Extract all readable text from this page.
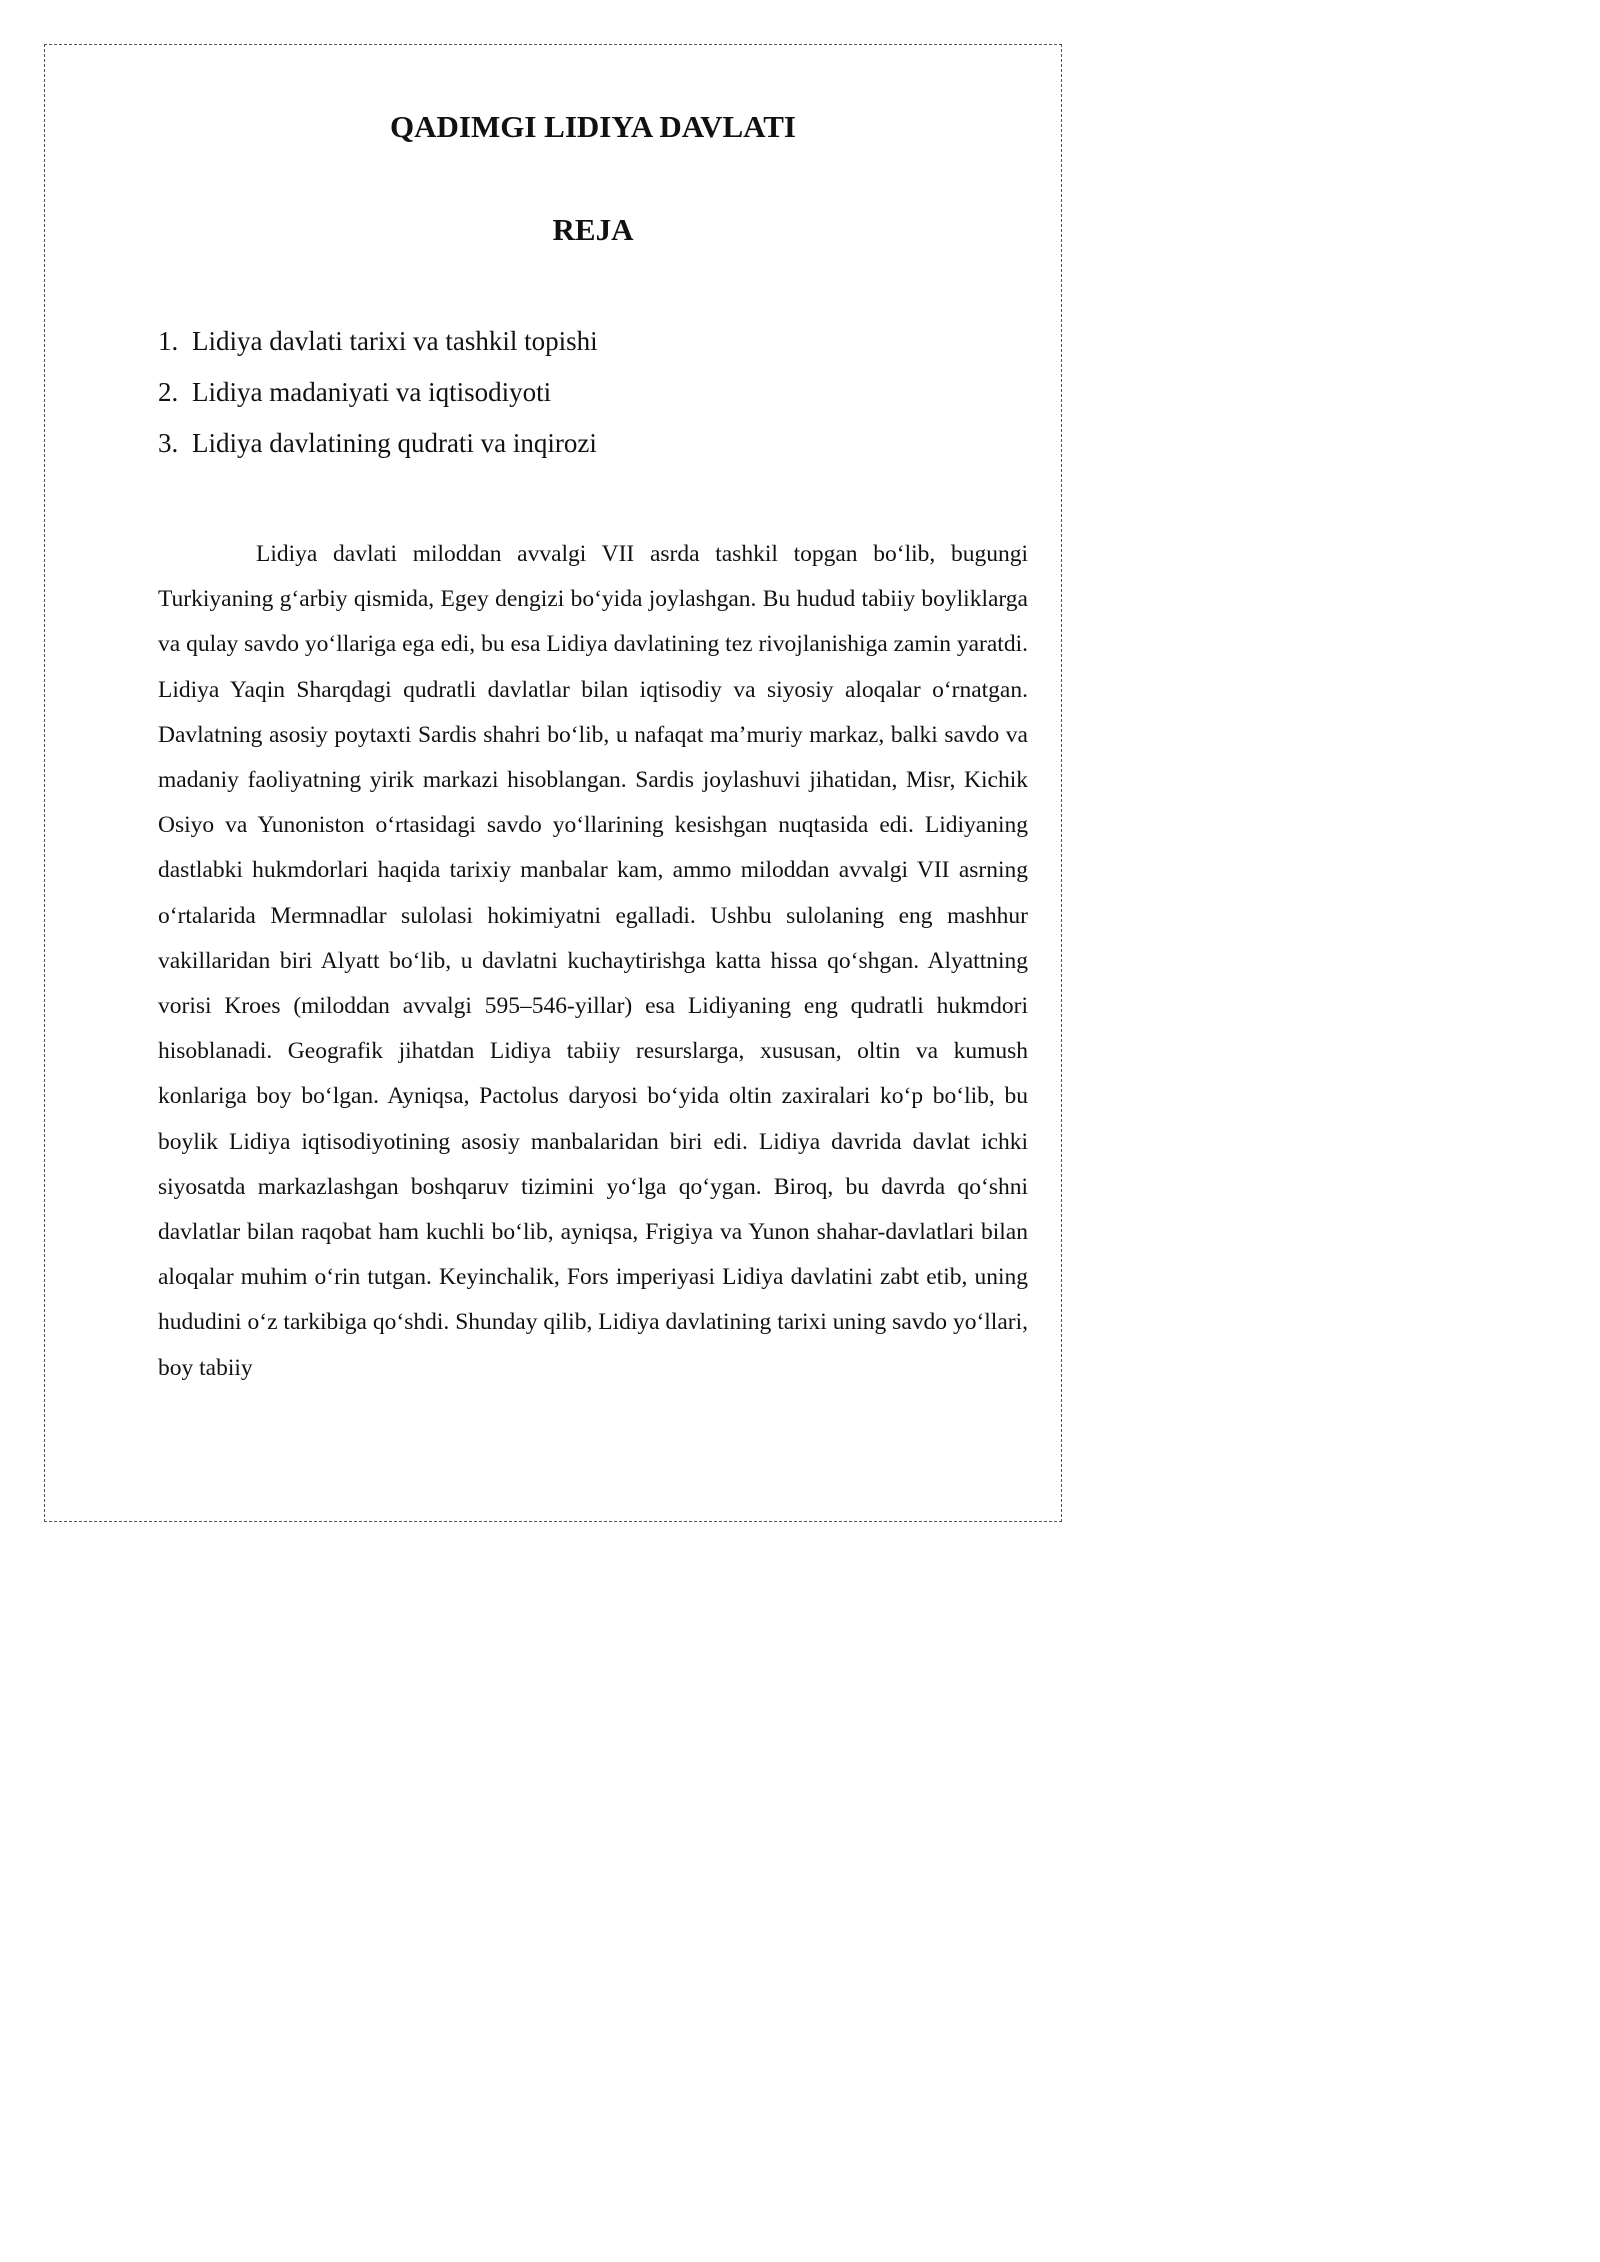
QADIMGI LIDIYA DAVLATI
REJA
1. Lidiya davlati tarixi va tashkil topishi
2. Lidiya madaniyati va iqtisodiyoti
3. Lidiya davlatining qudrati va inqirozi

Lidiya davlati miloddan avvalgi VII asrda tashkil topgan bo‘lib, bugungi Turkiyaning g‘arbiy qismida, Egey dengizi bo‘yida joylashgan. Bu hudud tabiiy boyliklarga va qulay savdo yo‘llariga ega edi, bu esa Lidiya davlatining tez rivojlanishiga zamin yaratdi. Lidiya Yaqin Sharqdagi qudratli davlatlar bilan iqtisodiy va siyosiy aloqalar o‘rnatgan. Davlatning asosiy poytaxti Sardis shahri bo‘lib, u nafaqat ma’muriy markaz, balki savdo va madaniy faoliyatning yirik markazi hisoblangan. Sardis joylashuvi jihatidan, Misr, Kichik Osiyo va Yunoniston o‘rtasidagi savdo yo‘llarining kesishgan nuqtasida edi. Lidiyaning dastlabki hukmdorlari haqida tarixiy manbalar kam, ammo miloddan avvalgi VII asrning o‘rtalarida Mermnadlar sulolasi hokimiyatni egalladi. Ushbu sulolaning eng mashhur vakillaridan biri Alyatt bo‘lib, u davlatni kuchaytirishga katta hissa qo‘shgan. Alyattning vorisi Kroes (miloddan avvalgi 595–546-yillar) esa Lidiyaning eng qudratli hukmdori hisoblanadi. Geografik jihatdan Lidiya tabiiy resurslarga, xususan, oltin va kumush konlariga boy bo‘lgan. Ayniqsa, Pactolus daryosi bo‘yida oltin zaxiralari ko‘p bo‘lib, bu boylik Lidiya iqtisodiyotining asosiy manbalaridan biri edi. Lidiya davrida davlat ichki siyosatda markazlashgan boshqaruv tizimini yo‘lga qo‘ygan. Biroq, bu davrda qo‘shni davlatlar bilan raqobat ham kuchli bo‘lib, ayniqsa, Frigiya va Yunon shahar-davlatlari bilan aloqalar muhim o‘rin tutgan. Keyinchalik, Fors imperiyasi Lidiya davlatini zabt etib, uning hududini o‘z tarkibiga qo‘shdi. Shunday qilib, Lidiya davlatining tarixi uning savdo yo‘llari, boy tabiiy
